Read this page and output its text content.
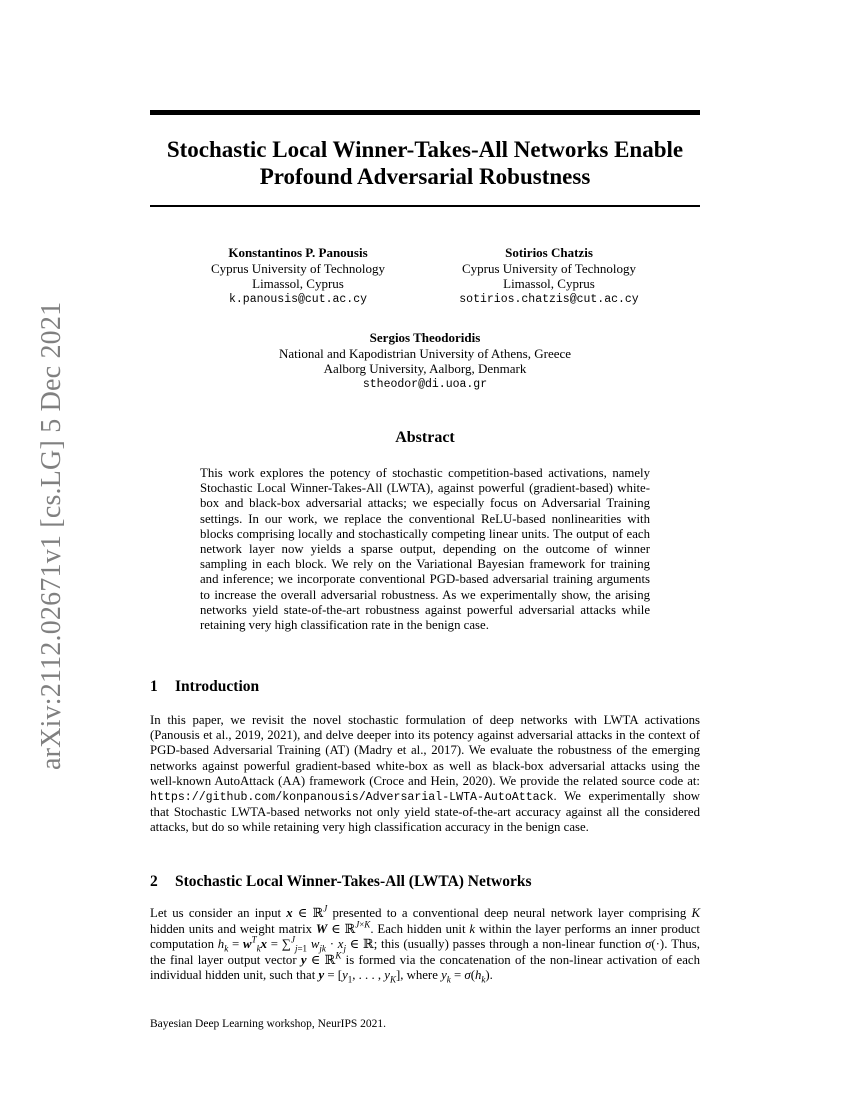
arXiv:2112.02671v1 [cs.LG] 5 Dec 2021
Stochastic Local Winner-Takes-All Networks Enable
Profound Adversarial Robustness
Konstantinos P. Panousis
Cyprus University of Technology
Limassol, Cyprus
k.panousis@cut.ac.cy
Sotirios Chatzis
Cyprus University of Technology
Limassol, Cyprus
sotirios.chatzis@cut.ac.cy
Sergios Theodoridis
National and Kapodistrian University of Athens, Greece
Aalborg University, Aalborg, Denmark
stheodor@di.uoa.gr
Abstract
This work explores the potency of stochastic competition-based activations, namely Stochastic Local Winner-Takes-All (LWTA), against powerful (gradient-based) white-box and black-box adversarial attacks; we especially focus on Adversarial Training settings. In our work, we replace the conventional ReLU-based nonlinearities with blocks comprising locally and stochastically competing linear units. The output of each network layer now yields a sparse output, depending on the outcome of winner sampling in each block. We rely on the Variational Bayesian framework for training and inference; we incorporate conventional PGD-based adversarial training arguments to increase the overall adversarial robustness. As we experimentally show, the arising networks yield state-of-the-art robustness against powerful adversarial attacks while retaining very high classification rate in the benign case.
1 Introduction
In this paper, we revisit the novel stochastic formulation of deep networks with LWTA activations (Panousis et al., 2019, 2021), and delve deeper into its potency against adversarial attacks in the context of PGD-based Adversarial Training (AT) (Madry et al., 2017). We evaluate the robustness of the emerging networks against powerful gradient-based white-box as well as black-box adversarial attacks using the well-known AutoAttack (AA) framework (Croce and Hein, 2020). We provide the related source code at: https://github.com/konpanousis/Adversarial-LWTA-AutoAttack. We experimentally show that Stochastic LWTA-based networks not only yield state-of-the-art accuracy against all the considered attacks, but do so while retaining very high classification accuracy in the benign case.
2 Stochastic Local Winner-Takes-All (LWTA) Networks
Let us consider an input x ∈ ℝ$^J$ presented to a conventional deep neural network layer comprising K hidden units and weight matrix W ∈ ℝ$^{J\times K}$. Each hidden unit k within the layer performs an inner product computation $h_k = w^T_kx = \sum^J_{j=1}$ $w_{jk} \cdot x_j$ ∈ ℝ; this (usually) passes through a non-linear function σ(·). Thus, the final layer output vector y ∈ ℝ$^K$ is formed via the concatenation of the non-linear activation of each individual hidden unit, such that $y = [y_1$, . . . , $y_K$], where $y_k = \sigma(h_k)$.
Bayesian Deep Learning workshop, NeurIPS 2021.
